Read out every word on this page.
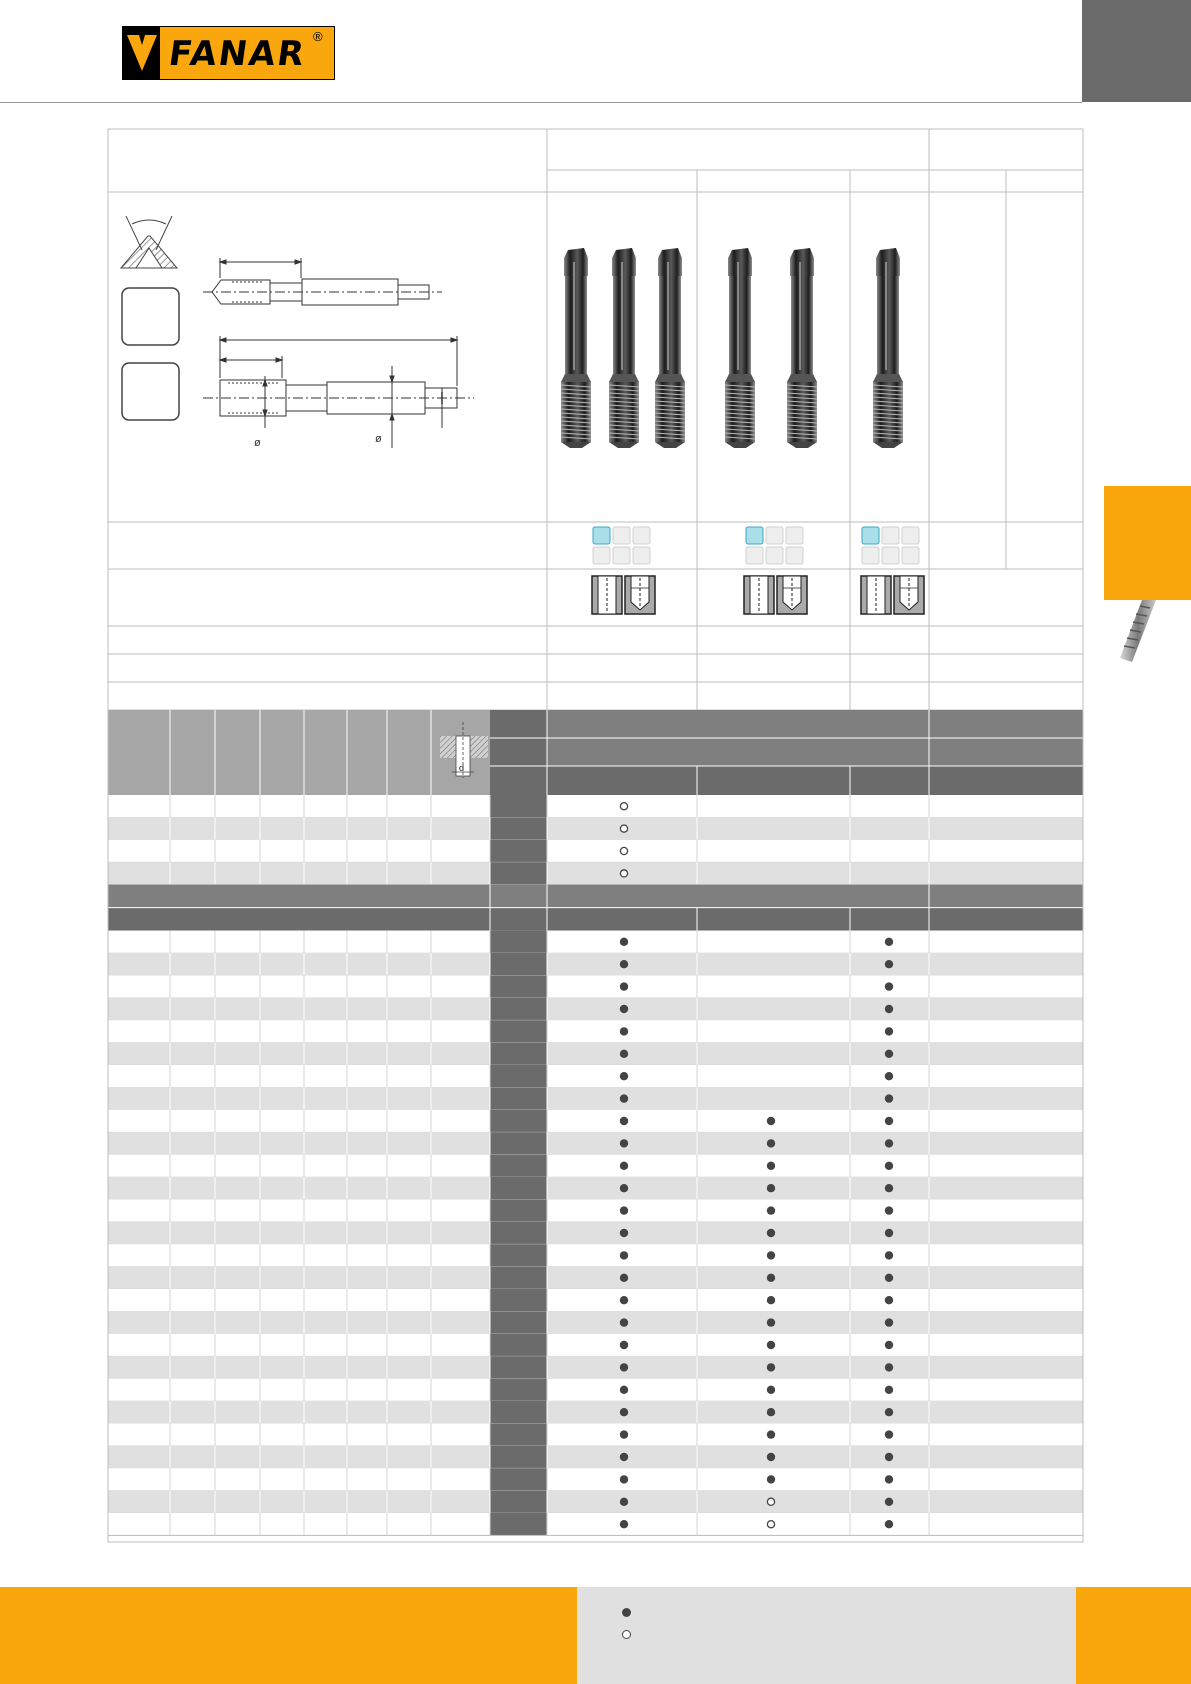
FANAR ®
ø	ø
d
